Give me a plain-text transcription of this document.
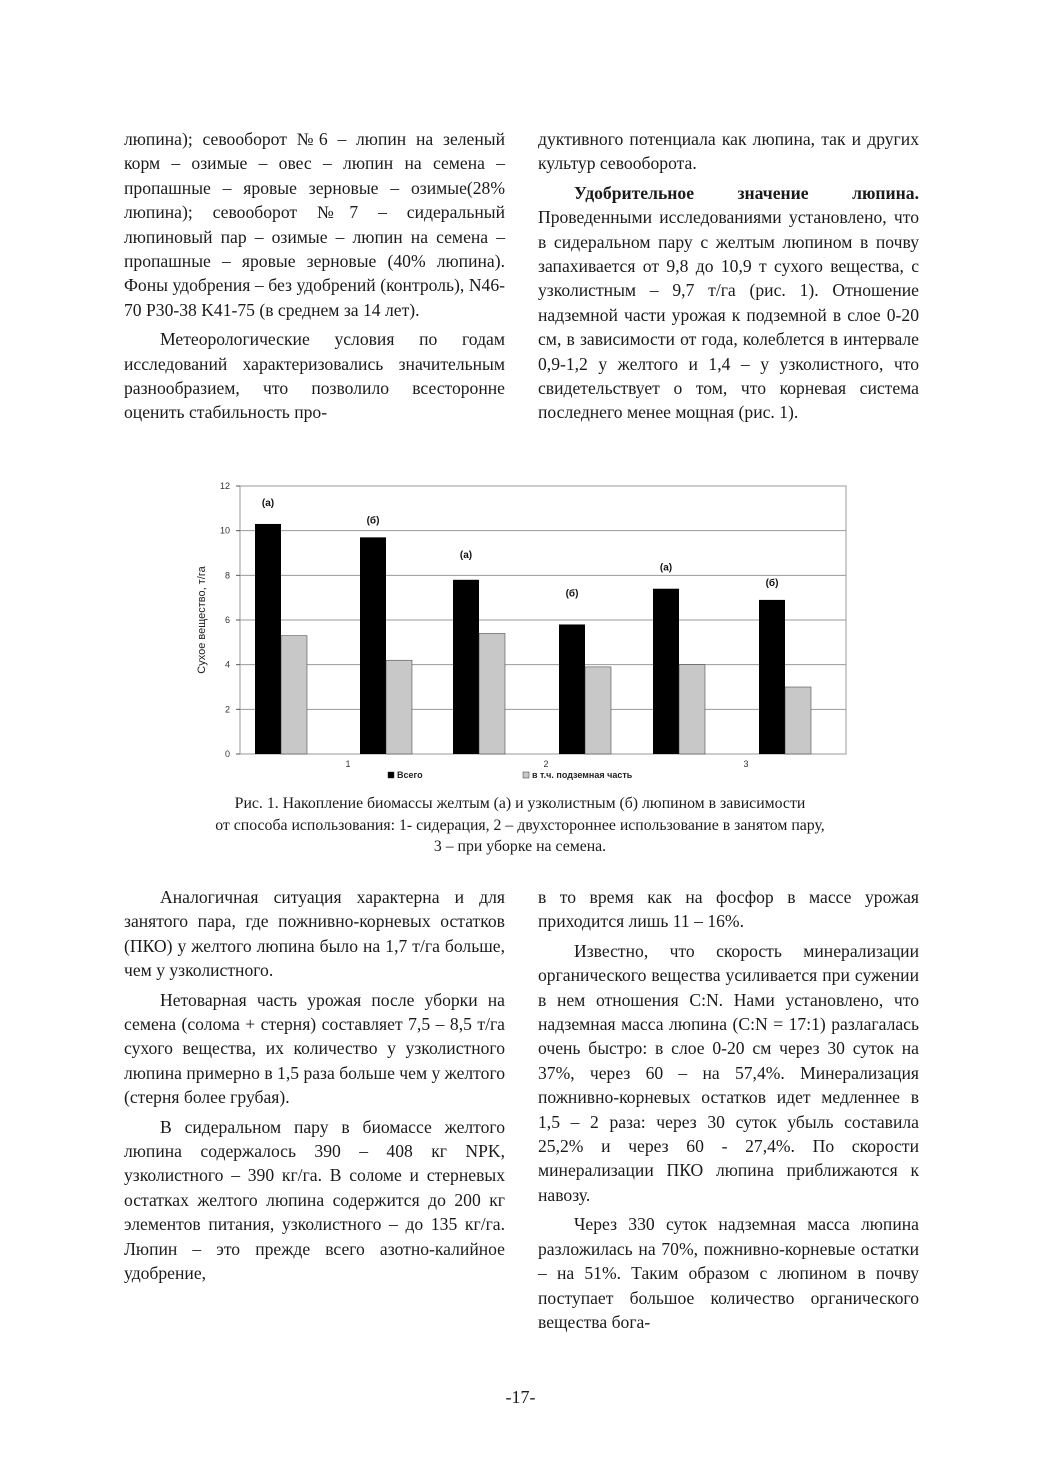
люпина); севооборот №6 – люпин на зеленый корм – озимые – овес – люпин на семена – пропашные – яровые зерновые – озимые(28% люпина); севооборот №7 – сидеральный люпиновый пар – озимые – люпин на семена – пропашные – яровые зерновые (40% люпина). Фоны удобрения – без удобрений (контроль), N46-70 P30-38 K41-75 (в среднем за 14 лет).

Метеорологические условия по годам исследований характеризовались значительным разнообразием, что позволило всесторонне оценить стабильность про-

дуктивного потенциала как люпина, так и других культур севооборота.

Удобрительное значение люпина. Проведенными исследованиями установлено, что в сидеральном пару с желтым люпином в почву запахивается от 9,8 до 10,9 т сухого вещества, с узколистным – 9,7 т/га (рис. 1). Отношение надземной части урожая к подземной в слое 0-20 см, в зависимости от года, колеблется в интервале 0,9-1,2 у желтого и 1,4 – у узколистного, что свидетельствует о том, что корневая система последнего менее мощная (рис. 1).

0
2
4
6
8
10
12
Сухое вещество, т/га
(а)
(б)
(а)
(б)
(а)
(б)
1	2	3
Всего	в т.ч. подземная часть
Рис. 1. Накопление биомассы желтым (а) и узколистным (б) люпином в зависимости
от способа использования: 1- сидерация, 2 – двухстороннее использование в занятом пару,
3 – при уборке на семена.

Аналогичная ситуация характерна и для занятого пара, где пожнивно-корневых остатков (ПКО) у желтого люпина было на 1,7 т/га больше, чем у узколистного.

Нетоварная часть урожая после уборки на семена (солома + стерня) составляет 7,5 – 8,5 т/га сухого вещества, их количество у узколистного люпина примерно в 1,5 раза больше чем у желтого (стерня более грубая).

В сидеральном пару в биомассе желтого люпина содержалось 390 – 408 кг NPK, узколистного – 390 кг/га. В соломе и стерневых остатках желтого люпина содержится до 200 кг элементов питания, узколистного – до 135 кг/га. Люпин – это прежде всего азотно-калийное удобрение,

в то время как на фосфор в массе урожая приходится лишь 11 – 16%.

Известно, что скорость минерализации органического вещества усиливается при сужении в нем отношения C:N. Нами установлено, что надземная масса люпина (C:N = 17:1) разлагалась очень быстро: в слое 0-20 см через 30 суток на 37%, через 60 – на 57,4%. Минерализация пожнивно-корневых остатков идет медленнее в 1,5 – 2 раза: через 30 суток убыль составила 25,2% и через 60 - 27,4%. По скорости минерализации ПКО люпина приближаются к навозу.

Через 330 суток надземная масса люпина разложилась на 70%, пожнивно-корневые остатки – на 51%. Таким образом с люпином в почву поступает большое количество органического вещества бога-

-17-
